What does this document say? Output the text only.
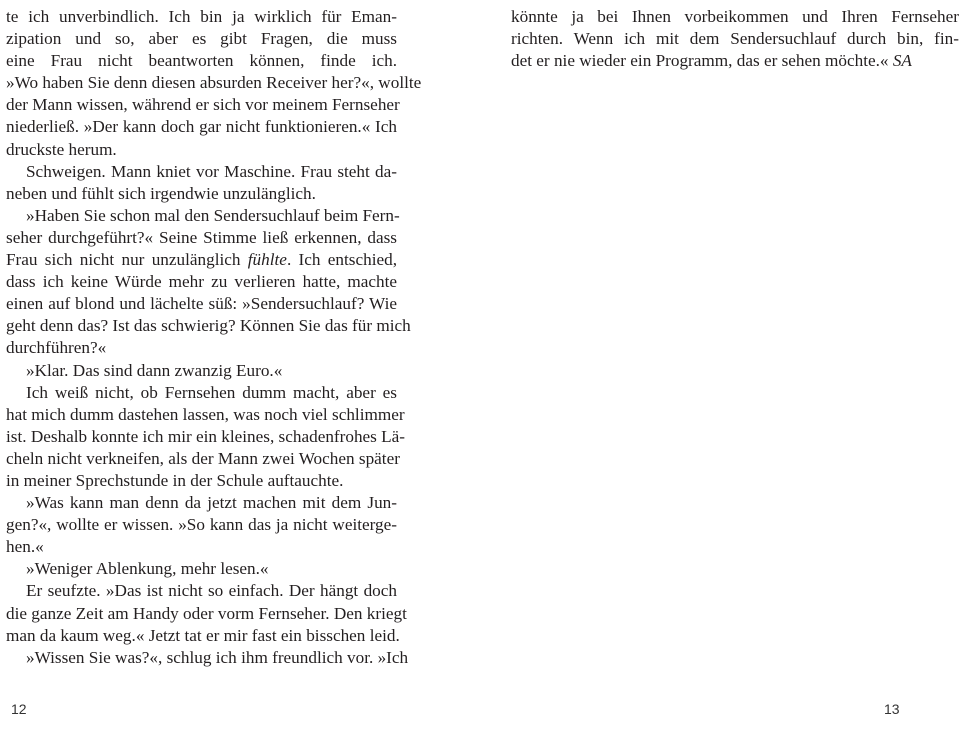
te ich unverbindlich. Ich bin ja wirklich für Eman-
zipation und so, aber es gibt Fragen, die muss
eine Frau nicht beantworten können, finde ich.
»Wo haben Sie denn diesen absurden Receiver her?«, wollte
der Mann wissen, während er sich vor meinem Fernseher
niederließ. »Der kann doch gar nicht funktionieren.« Ich
druckste herum.
Schweigen. Mann kniet vor Maschine. Frau steht da-
neben und fühlt sich irgendwie unzulänglich.
»Haben Sie schon mal den Sendersuchlauf beim Fern-
seher durchgeführt?« Seine Stimme ließ erkennen, dass
Frau sich nicht nur unzulänglich fühlte. Ich entschied,
dass ich keine Würde mehr zu verlieren hatte, machte
einen auf blond und lächelte süß: »Sendersuchlauf? Wie
geht denn das? Ist das schwierig? Können Sie das für mich
durchführen?«
»Klar. Das sind dann zwanzig Euro.«
Ich weiß nicht, ob Fernsehen dumm macht, aber es
hat mich dumm dastehen lassen, was noch viel schlimmer
ist. Deshalb konnte ich mir ein kleines, schadenfrohes Lä-
cheln nicht verkneifen, als der Mann zwei Wochen später
in meiner Sprechstunde in der Schule auftauchte.
»Was kann man denn da jetzt machen mit dem Jun-
gen?«, wollte er wissen. »So kann das ja nicht weiterge-
hen.«
»Weniger Ablenkung, mehr lesen.«
Er seufzte. »Das ist nicht so einfach. Der hängt doch
die ganze Zeit am Handy oder vorm Fernseher. Den kriegt
man da kaum weg.« Jetzt tat er mir fast ein bisschen leid.
»Wissen Sie was?«, schlug ich ihm freundlich vor. »Ich
12
könnte ja bei Ihnen vorbeikommen und Ihren Fernseher
richten. Wenn ich mit dem Sendersuchlauf durch bin, fin-
det er nie wieder ein Programm, das er sehen möchte.« SA
13
